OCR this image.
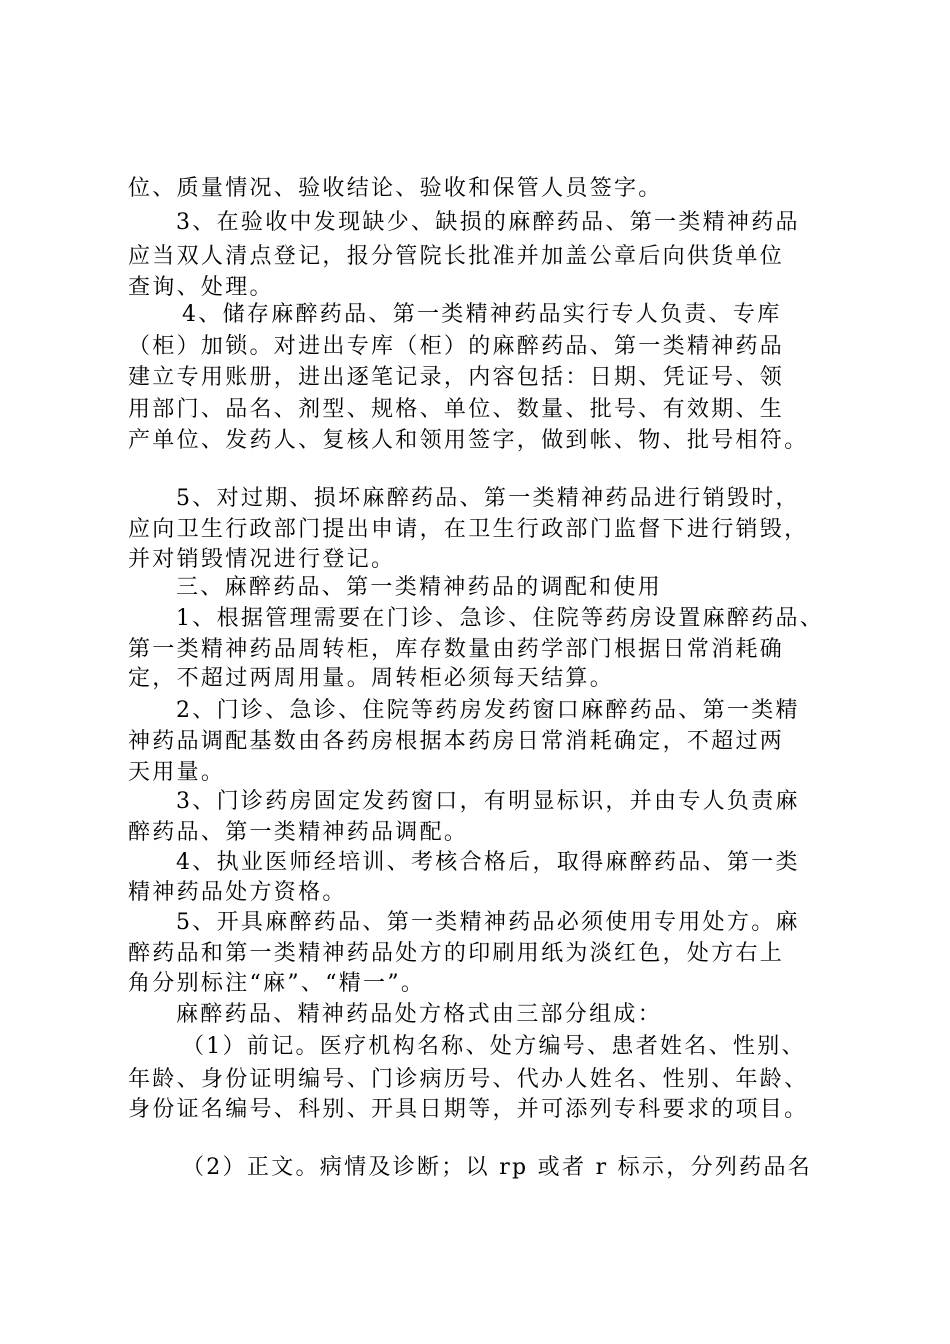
位、质量情况、验收结论、验收和保管人员签字。
3、在验收中发现缺少、缺损的麻醉药品、第一类精神药品
应当双人清点登记，报分管院长批准并加盖公章后向供货单位
查询、处理。
4、储存麻醉药品、第一类精神药品实行专人负责、专库
（柜）加锁。对进出专库（柜）的麻醉药品、第一类精神药品
建立专用账册，进出逐笔记录，内容包括：日期、凭证号、领
用部门、品名、剂型、规格、单位、数量、批号、有效期、生
产单位、发药人、复核人和领用签字，做到帐、物、批号相符。
5、对过期、损坏麻醉药品、第一类精神药品进行销毁时，
应向卫生行政部门提出申请，在卫生行政部门监督下进行销毁，
并对销毁情况进行登记。
三、麻醉药品、第一类精神药品的调配和使用
1、根据管理需要在门诊、急诊、住院等药房设置麻醉药品、
第一类精神药品周转柜，库存数量由药学部门根据日常消耗确
定，不超过两周用量。周转柜必须每天结算。
2、门诊、急诊、住院等药房发药窗口麻醉药品、第一类精
神药品调配基数由各药房根据本药房日常消耗确定，不超过两
天用量。
3、门诊药房固定发药窗口，有明显标识，并由专人负责麻
醉药品、第一类精神药品调配。
4、执业医师经培训、考核合格后，取得麻醉药品、第一类
精神药品处方资格。
5、开具麻醉药品、第一类精神药品必须使用专用处方。麻
醉药品和第一类精神药品处方的印刷用纸为淡红色，处方右上
角分别标注“麻”、“精一”。
麻醉药品、精神药品处方格式由三部分组成：
（1）前记。医疗机构名称、处方编号、患者姓名、性别、
年龄、身份证明编号、门诊病历号、代办人姓名、性别、年龄、
身份证名编号、科别、开具日期等，并可添列专科要求的项目。
（2）正文。病情及诊断；以 rp 或者 r 标示，分列药品名
